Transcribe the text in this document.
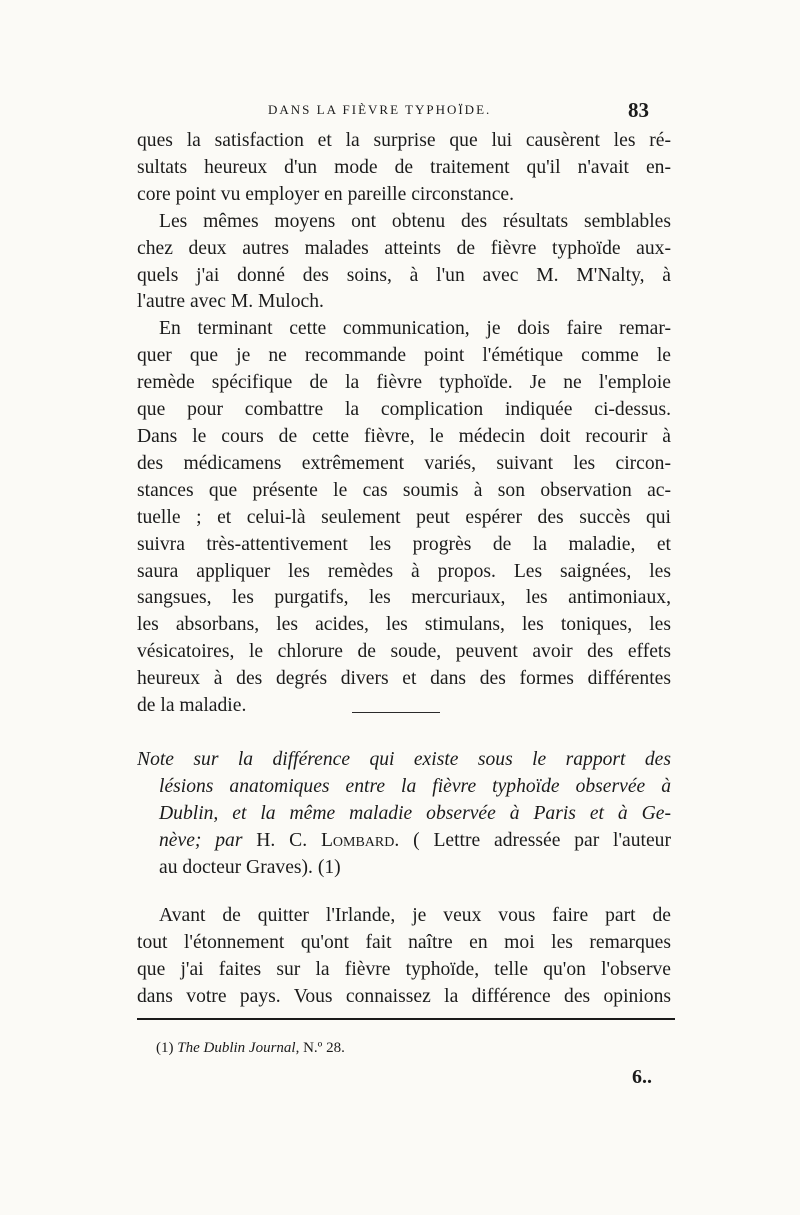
DANS LA FIÈVRE TYPHOÏDE.	83
ques la satisfaction et la surprise que lui causèrent les ré-
sultats heureux d'un mode de traitement qu'il n'avait en-
core point vu employer en pareille circonstance.
Les mêmes moyens ont obtenu des résultats semblables
chez deux autres malades atteints de fièvre typhoïde aux-
quels j'ai donné des soins, à l'un avec M. M'Nalty, à
l'autre avec M. Muloch.
En terminant cette communication, je dois faire remar-
quer que je ne recommande point l'émétique comme le
remède spécifique de la fièvre typhoïde. Je ne l'emploie
que pour combattre la complication indiquée ci-dessus.
Dans le cours de cette fièvre, le médecin doit recourir à
des médicamens extrêmement variés, suivant les circon-
stances que présente le cas soumis à son observation ac-
tuelle ; et celui-là seulement peut espérer des succès qui
suivra très-attentivement les progrès de la maladie, et
saura appliquer les remèdes à propos. Les saignées, les
sangsues, les purgatifs, les mercuriaux, les antimoniaux,
les absorbans, les acides, les stimulans, les toniques, les
vésicatoires, le chlorure de soude, peuvent avoir des effets
heureux à des degrés divers et dans des formes différentes
de la maladie.
Note sur la différence qui existe sous le rapport des
lésions anatomiques entre la fièvre typhoïde observée à
Dublin, et la même maladie observée à Paris et à Ge-
nève; par H. C. Lombard. ( Lettre adressée par l'auteur
au docteur Graves). (1)
Avant de quitter l'Irlande, je veux vous faire part de
tout l'étonnement qu'ont fait naître en moi les remarques
que j'ai faites sur la fièvre typhoïde, telle qu'on l'observe
dans votre pays. Vous connaissez la différence des opinions
(1) The Dublin Journal, N.º 28.
6..
